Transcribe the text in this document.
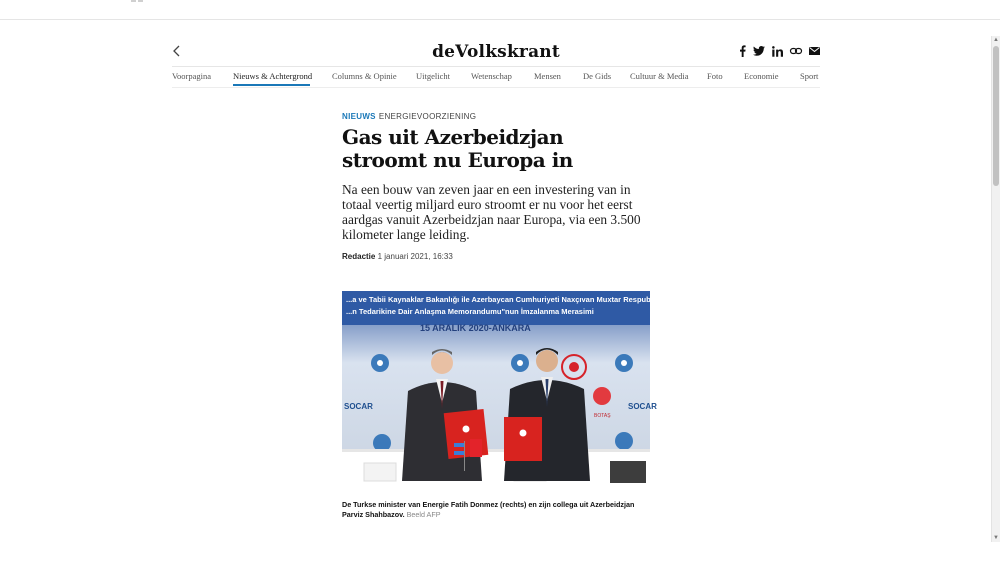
▲
▼
deVolkskrant
Voorpagina	Nieuws & Achtergrond Columns & Opinie Uitgelicht Wetenschap	Mensen	De Gids Cultuur & Media Foto	Economie	Sport
NIEUWS ENERGIEVOORZIENING
Gas uit Azerbeidzjan stroomt nu Europa in

Na een bouw van zeven jaar en een investering van in totaal veertig miljard euro stroomt er nu voor het eerst aardgas vanuit Azerbeidzjan naar Europa, via een 3.500 kilometer lange leiding.

Redactie 1 januari 2021, 16:33
...a ve Tabii Kaynaklar Bakanlığı ile Azerbaycan Cumhuriyeti Naxçıvan Muxtar Respublikası...
...n Tedarikine Dair Anlaşma Memorandumu"nun İmzalanma Merasimi
15 ARALIK 2020-ANKARA
BOTAŞ
SOCAR	SOCAR
De Turkse minister van Energie Fatih Donmez (rechts) en zijn collega uit Azerbeidzjan Parviz Shahbazov. Beeld AFP
